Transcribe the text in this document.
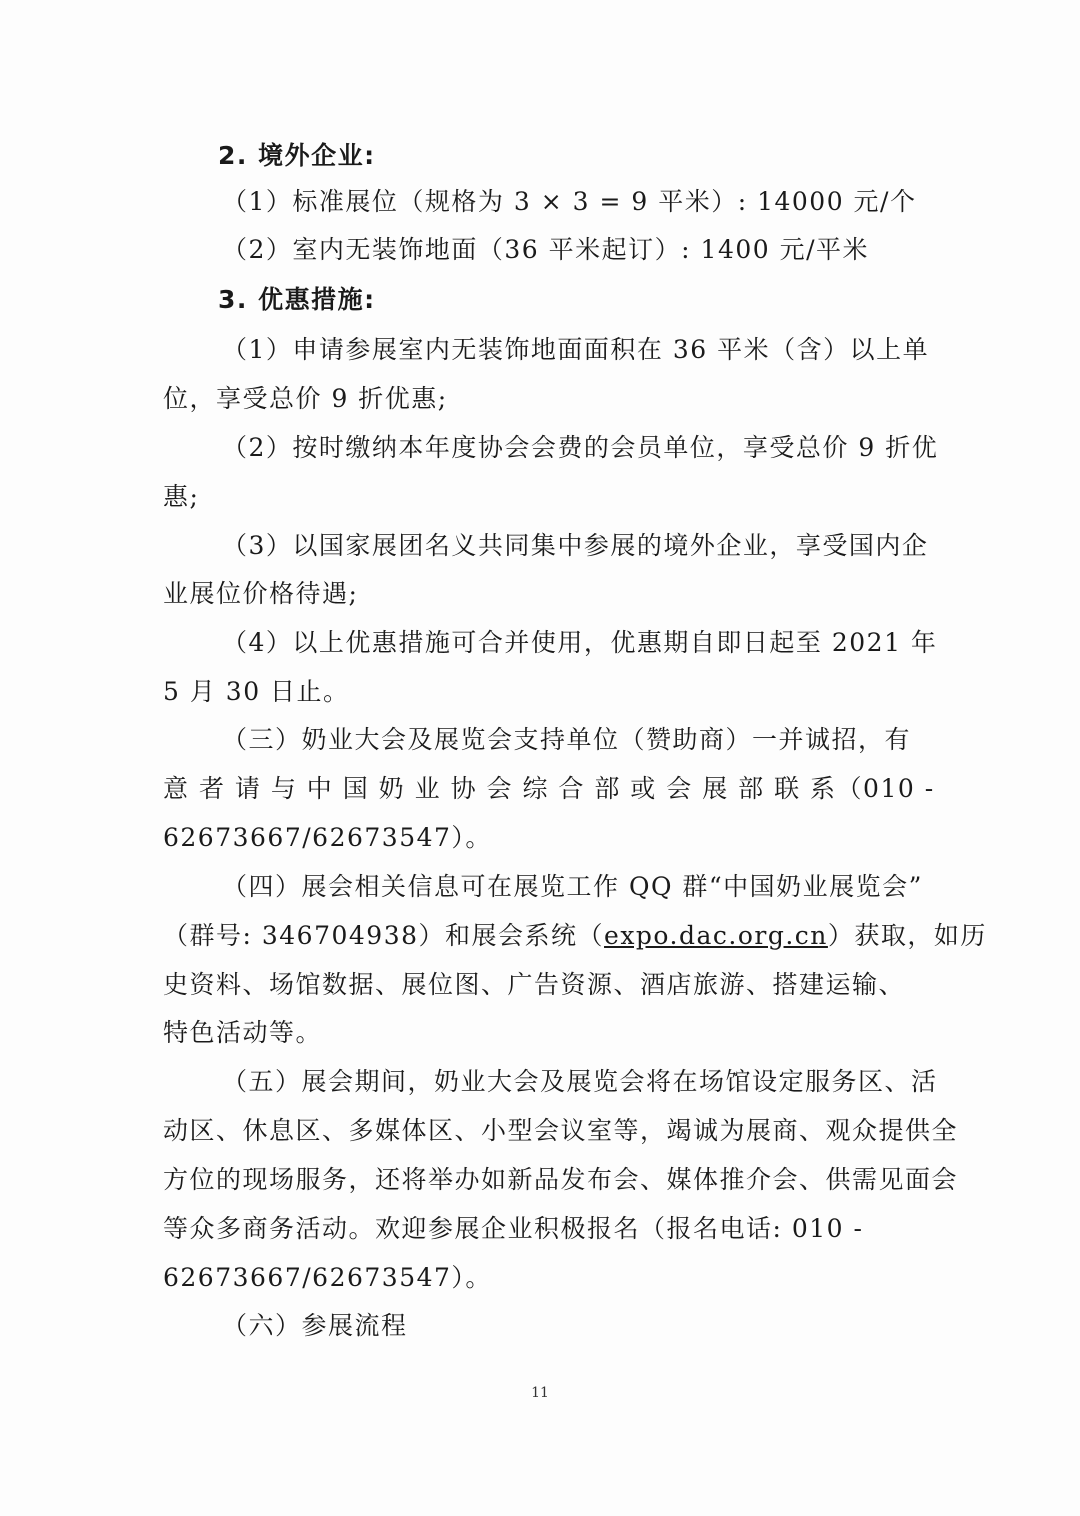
2. 境外企业:
（1）标准展位（规格为 3 × 3 = 9 平米）: 14000 元/个
（2）室内无装饰地面（36 平米起订）: 1400 元/平米
3. 优惠措施:
（1）申请参展室内无装饰地面面积在 36 平米（含）以上单
位，享受总价 9 折优惠;
（2）按时缴纳本年度协会会费的会员单位，享受总价 9 折优
惠;
（3）以国家展团名义共同集中参展的境外企业，享受国内企
业展位价格待遇;
（4）以上优惠措施可合并使用，优惠期自即日起至 2021 年
5 月 30 日止。
（三）奶业大会及展览会支持单位（赞助商）一并诚招，有
意 者 请 与 中 国 奶 业 协 会 综 合 部 或 会 展 部 联 系（010 -
62673667/62673547）。
（四）展会相关信息可在展览工作 QQ 群“中国奶业展览会”
（群号: 346704938）和展会系统（expo.dac.org.cn）获取，如历
史资料、场馆数据、展位图、广告资源、酒店旅游、搭建运输、
特色活动等。
（五）展会期间，奶业大会及展览会将在场馆设定服务区、活
动区、休息区、多媒体区、小型会议室等，竭诚为展商、观众提供全
方位的现场服务，还将举办如新品发布会、媒体推介会、供需见面会
等众多商务活动。欢迎参展企业积极报名（报名电话: 010 -
62673667/62673547）。
（六）参展流程
11
